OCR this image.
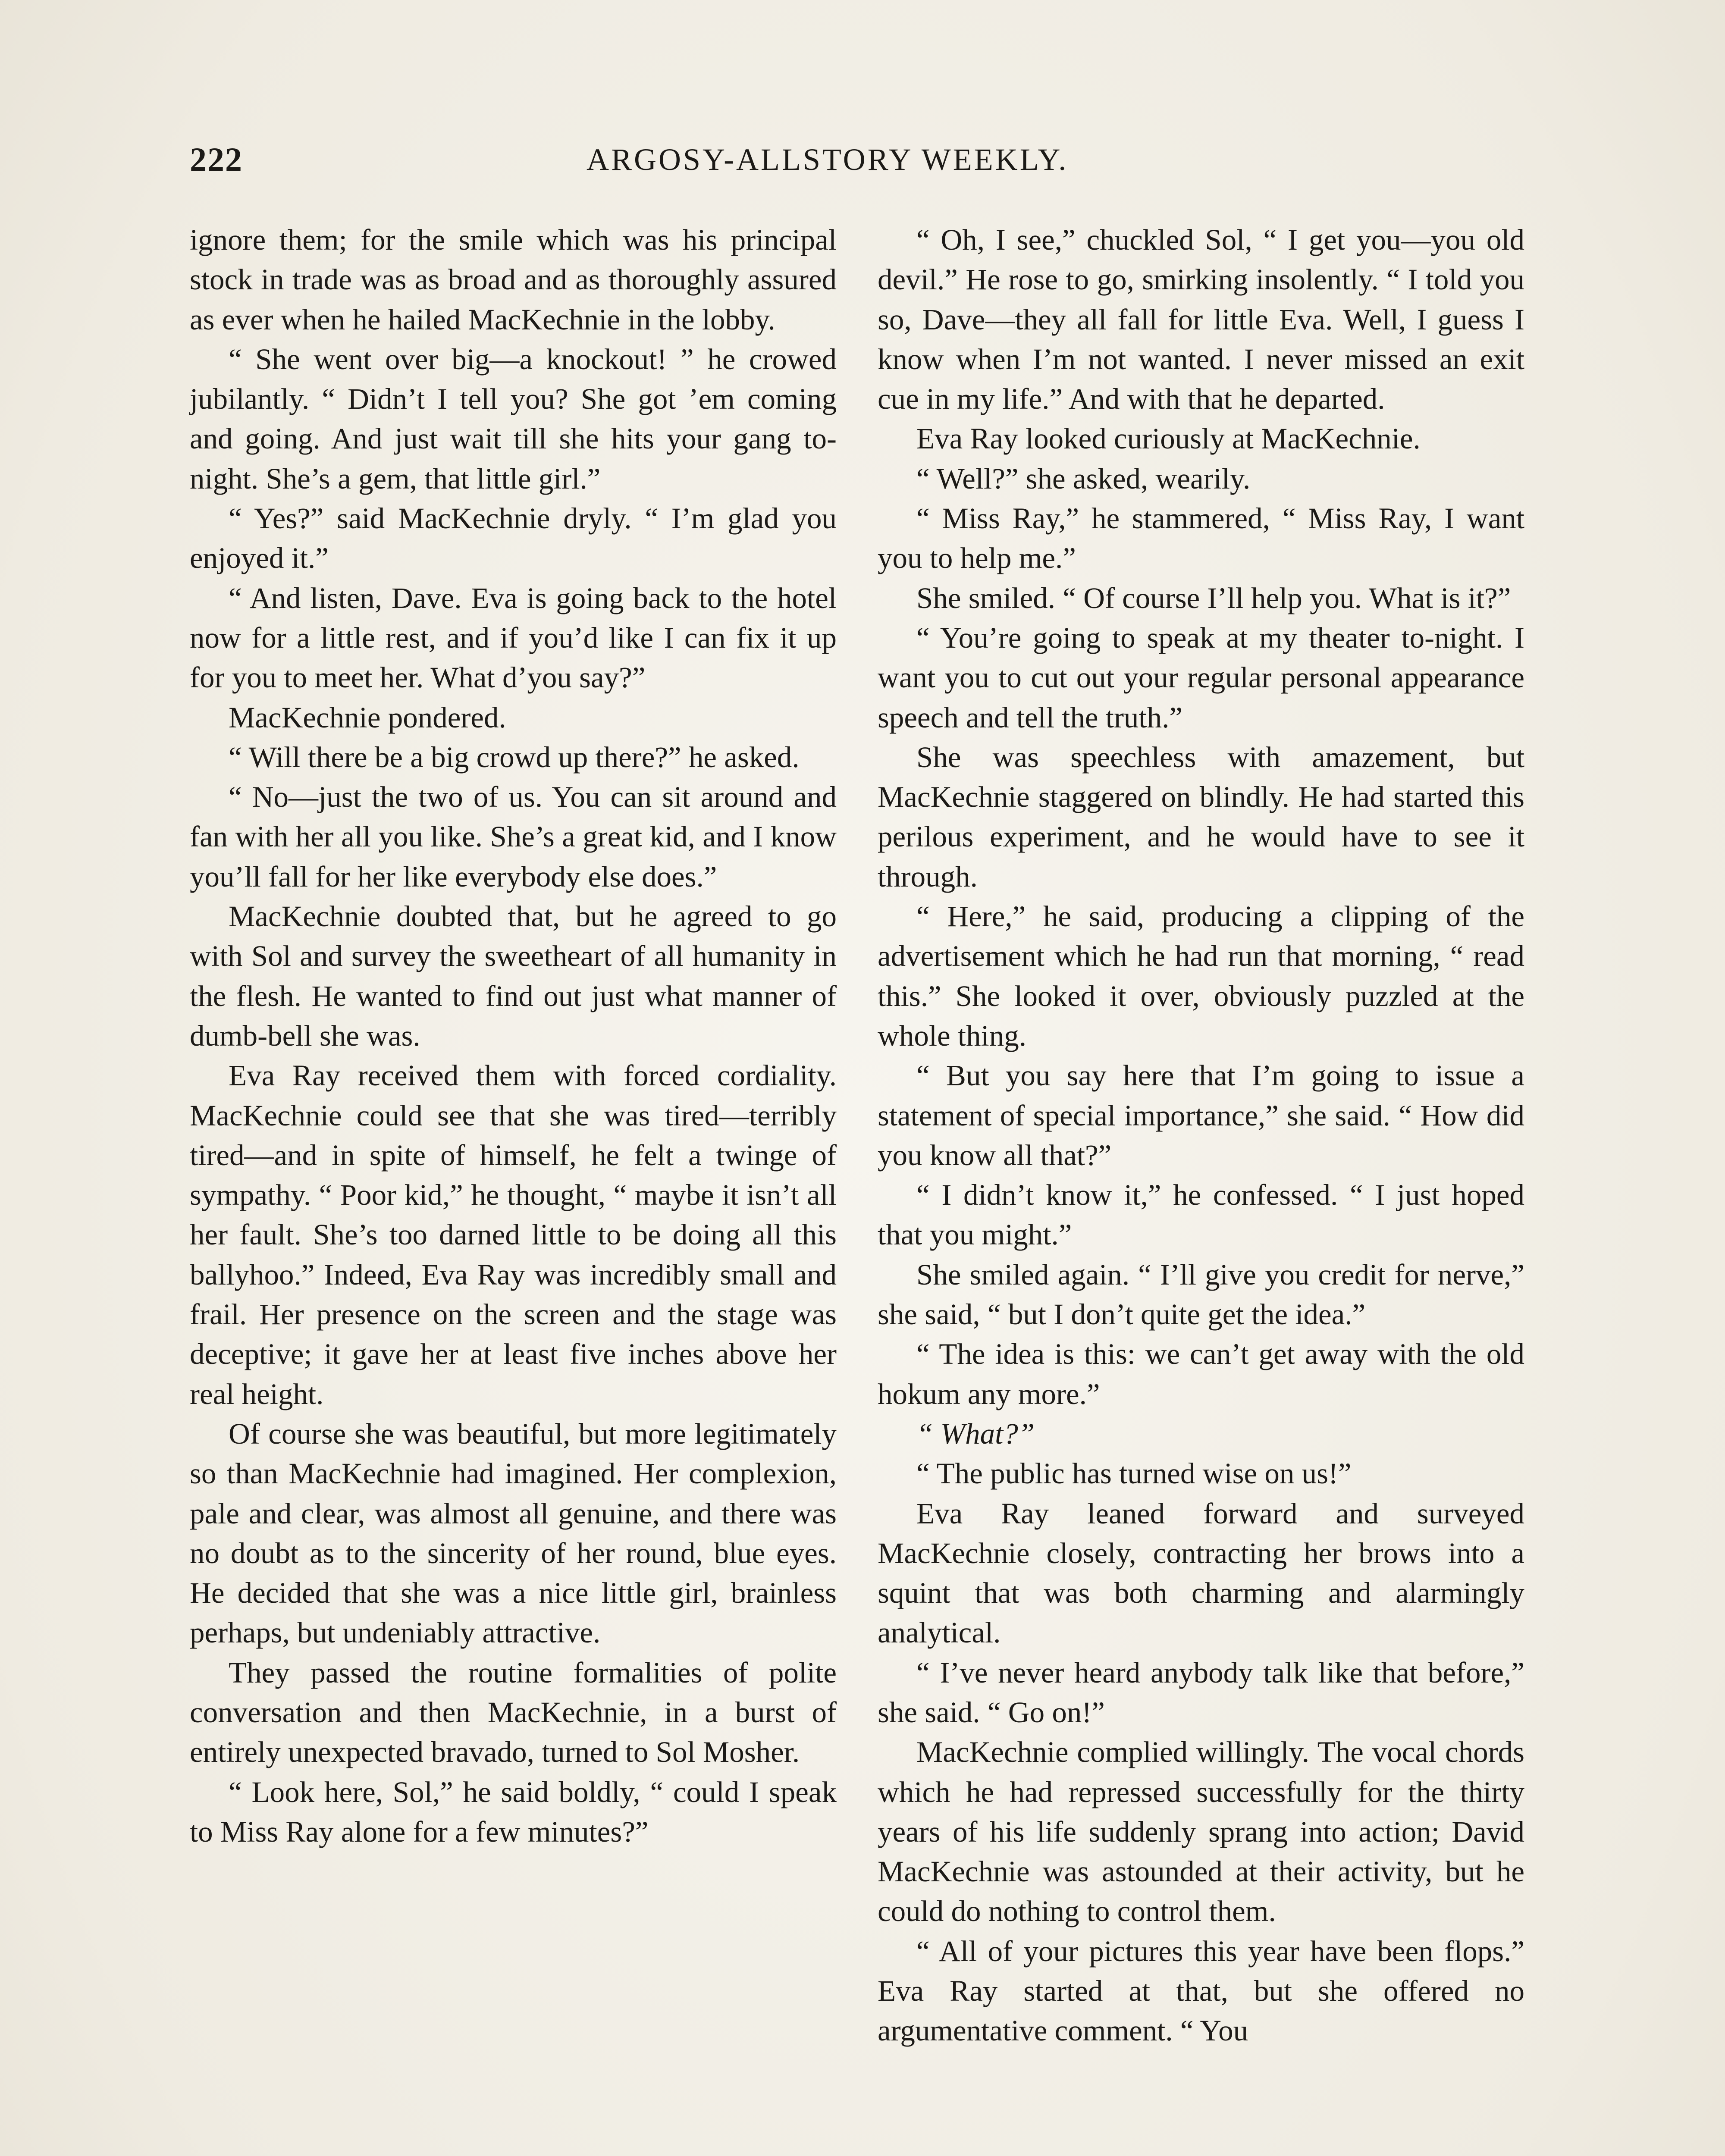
222	ARGOSY-ALLSTORY WEEKLY.

ignore them; for the smile which was his principal stock in trade was as broad and as thoroughly assured as ever when he hailed MacKechnie in the lobby.

“ She went over big—a knockout! ” he crowed jubilantly. “ Didn’t I tell you? She got ’em coming and going. And just wait till she hits your gang to-night. She’s a gem, that little girl.”

“ Yes?” said MacKechnie dryly. “ I’m glad you enjoyed it.”

“ And listen, Dave. Eva is going back to the hotel now for a little rest, and if you’d like I can fix it up for you to meet her. What d’you say?”

MacKechnie pondered.

“ Will there be a big crowd up there?” he asked.

“ No—just the two of us. You can sit around and fan with her all you like. She’s a great kid, and I know you’ll fall for her like everybody else does.”

MacKechnie doubted that, but he agreed to go with Sol and survey the sweetheart of all humanity in the flesh. He wanted to find out just what manner of dumb-bell she was.

Eva Ray received them with forced cordiality. MacKechnie could see that she was tired—terribly tired—and in spite of himself, he felt a twinge of sympathy. “ Poor kid,” he thought, “ maybe it isn’t all her fault. She’s too darned little to be doing all this ballyhoo.” Indeed, Eva Ray was incredibly small and frail. Her presence on the screen and the stage was deceptive; it gave her at least five inches above her real height.

Of course she was beautiful, but more legitimately so than MacKechnie had imagined. Her complexion, pale and clear, was almost all genuine, and there was no doubt as to the sincerity of her round, blue eyes. He decided that she was a nice little girl, brainless perhaps, but undeniably attractive.

They passed the routine formalities of polite conversation and then MacKechnie, in a burst of entirely unexpected bravado, turned to Sol Mosher.

“ Look here, Sol,” he said boldly, “ could I speak to Miss Ray alone for a few minutes?”

“ Oh, I see,” chuckled Sol, “ I get you—you old devil.” He rose to go, smirking insolently. “ I told you so, Dave—they all fall for little Eva. Well, I guess I know when I’m not wanted. I never missed an exit cue in my life.” And with that he departed.

Eva Ray looked curiously at MacKechnie.

“ Well?” she asked, wearily.

“ Miss Ray,” he stammered, “ Miss Ray, I want you to help me.”

She smiled. “ Of course I’ll help you. What is it?”

“ You’re going to speak at my theater to-night. I want you to cut out your regular personal appearance speech and tell the truth.”

She was speechless with amazement, but MacKechnie staggered on blindly. He had started this perilous experiment, and he would have to see it through.

“ Here,” he said, producing a clipping of the advertisement which he had run that morning, “ read this.” She looked it over, obviously puzzled at the whole thing.

“ But you say here that I’m going to issue a statement of special importance,” she said. “ How did you know all that?”

“ I didn’t know it,” he confessed. “ I just hoped that you might.”

She smiled again. “ I’ll give you credit for nerve,” she said, “ but I don’t quite get the idea.”

“ The idea is this: we can’t get away with the old hokum any more.”

“ What?”

“ The public has turned wise on us!”

Eva Ray leaned forward and surveyed MacKechnie closely, contracting her brows into a squint that was both charming and alarmingly analytical.

“ I’ve never heard anybody talk like that before,” she said. “ Go on!”

MacKechnie complied willingly. The vocal chords which he had repressed successfully for the thirty years of his life suddenly sprang into action; David MacKechnie was astounded at their activity, but he could do nothing to control them.

“ All of your pictures this year have been flops.” Eva Ray started at that, but she offered no argumentative comment. “ You
